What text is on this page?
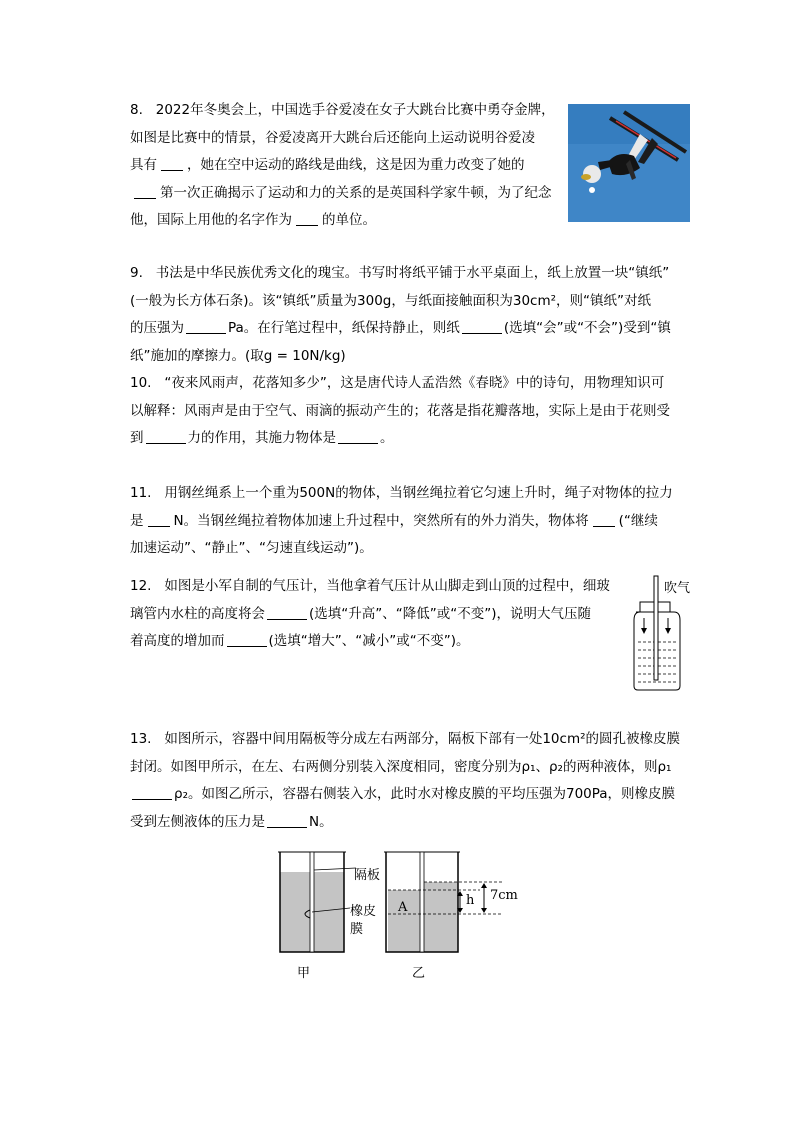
8.   2022年冬奥会上，中国选手谷爱凌在女子大跳台比赛中勇夺金牌，
如图是比赛中的情景，谷爱凌离开大跳台后还能向上运动说明谷爱凌
具有 ，她在空中运动的路线是曲线，这是因为重力改变了她的
第一次正确揭示了运动和力的关系的是英国科学家牛顿，为了纪念
他，国际上用他的名字作为 的单位。
9.   书法是中华民族优秀文化的瑰宝。书写时将纸平铺于水平桌面上，纸上放置一块“镇纸”
(一般为长方体石条)。该“镇纸”质量为300g，与纸面接触面积为30cm²，则“镇纸”对纸
的压强为	Pa。在行笔过程中，纸保持静止，则纸	(选填“会”或“不会”)受到“镇
纸”施加的摩擦力。(取g = 10N/kg)
10.   “夜来风雨声，花落知多少”，这是唐代诗人孟浩然《春晓》中的诗句，用物理知识可
以解释：风雨声是由于空气、雨滴的振动产生的；花落是指花瓣落地，实际上是由于花则受
到	力的作用，其施力物体是	。
11.   用钢丝绳系上一个重为500N的物体，当钢丝绳拉着它匀速上升时，绳子对物体的拉力
是 N。当钢丝绳拉着物体加速上升过程中，突然所有的外力消失，物体将 (“继续
加速运动”、“静止”、“匀速直线运动”)。
12.   如图是小军自制的气压计，当他拿着气压计从山脚走到山顶的过程中，细玻
璃管内水柱的高度将会	(选填“升高”、“降低”或“不变”)，说明大气压随
着高度的增加而	(选填“增大”、“减小”或“不变”)。
吹气
13.   如图所示，容器中间用隔板等分成左右两部分，隔板下部有一处10cm²的圆孔被橡皮膜
封闭。如图甲所示，在左、右两侧分别装入深度相同，密度分别为ρ₁、ρ₂的两种液体，则ρ₁
ρ₂。如图乙所示，容器右侧装入水，此时水对橡皮膜的平均压强为700Pa，则橡皮膜
受到左侧液体的压力是	N。
隔板
橡皮
膜
A	h 7cm
甲	乙
